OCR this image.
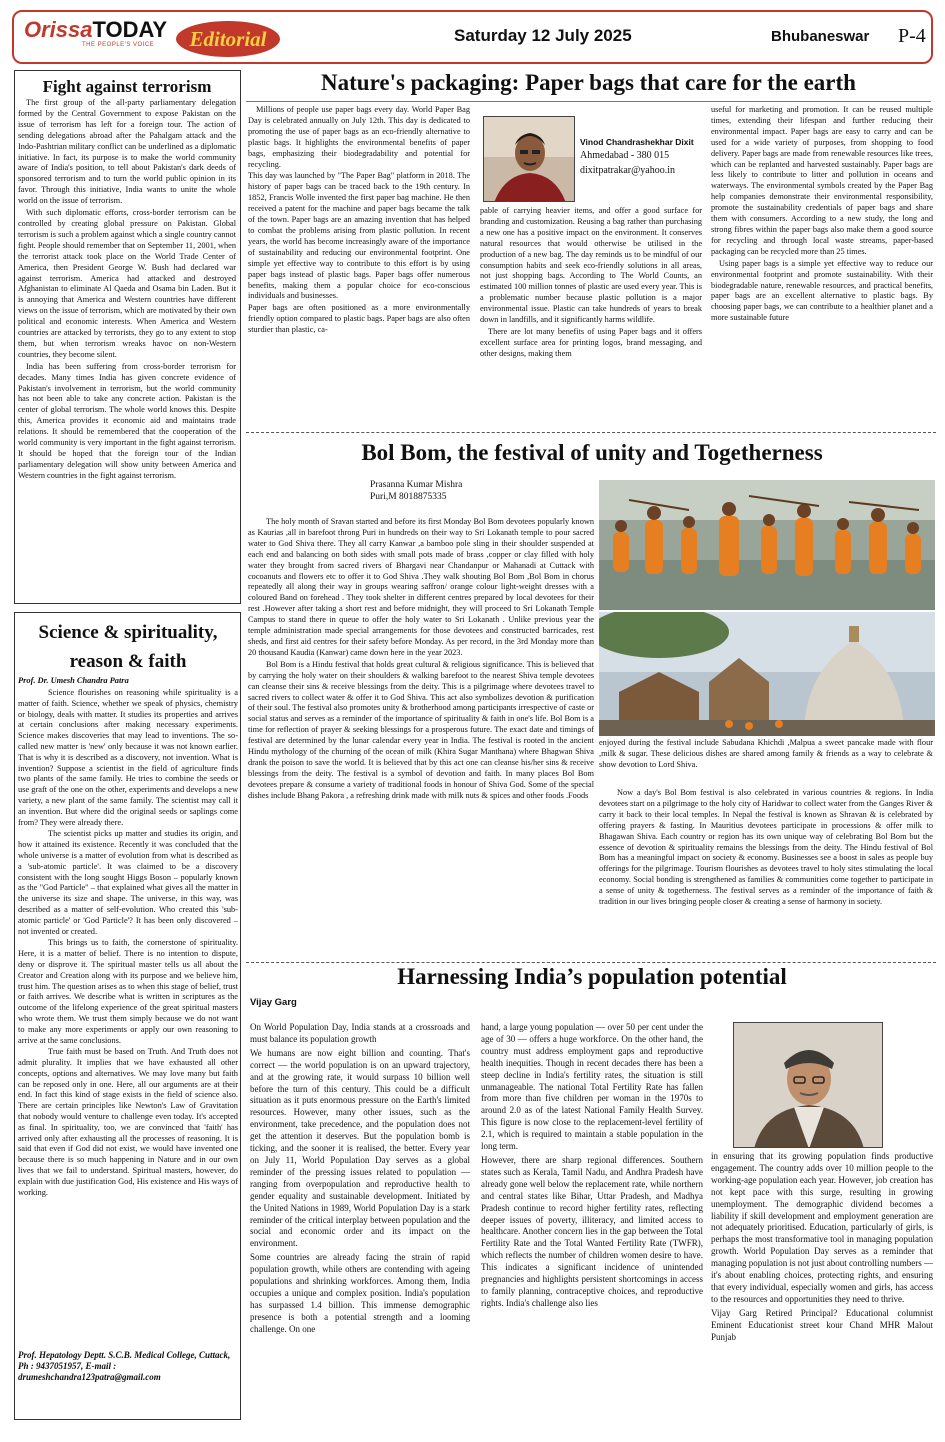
OrissaTODAY
THE PEOPLE'S VOICE	Editorial	Saturday 12 July 2025	Bhubaneswar P-4
Fight against terrorism

The first group of the all-party parliamentary delegation formed by the Central Government to expose Pakistan on the issue of terrorism has left for a foreign tour. The action of sending delegations abroad after the Pahalgam attack and the Indo-Pashtrian military conflict can be underlined as a diplomatic initiative. In fact, its purpose is to make the world community aware of India's position, to tell about Pakistan's dark deeds of sponsored terrorism and to turn the world public opinion in its favor. Through this initiative, India wants to unite the whole world on the issue of terrorism.

With such diplomatic efforts, cross-border terrorism can be controlled by creating global pressure on Pakistan. Global terrorism is such a problem against which a single country cannot fight. People should remember that on September 11, 2001, when the terrorist attack took place on the World Trade Center of America, then President George W. Bush had declared war against terrorism. America had attacked and destroyed Afghanistan to eliminate Al Qaeda and Osama bin Laden. But it is annoying that America and Western countries have different views on the issue of terrorism, which are motivated by their own political and economic interests. When America and Western countries are attacked by terrorists, they go to any extent to stop them, but when terrorism wreaks havoc on non-Western countries, they become silent.

India has been suffering from cross-border terrorism for decades. Many times India has given concrete evidence of Pakistan's involvement in terrorism, but the world community has not been able to take any concrete action. Pakistan is the center of global terrorism. The whole world knows this. Despite this, America provides it economic aid and maintains trade relations. It should be remembered that the cooperation of the world community is very important in the fight against terrorism. It should be hoped that the foreign tour of the Indian parliamentary delegation will show unity between America and Western countries in the fight against terrorism.

Science & spirituality, reason & faith
Prof. Dr. Umesh Chandra Patra

Science flourishes on reasoning while spirituality is a matter of faith. Science, whether we speak of physics, chemistry or biology, deals with matter. It studies its properties and arrives at certain conclusions after making necessary experiments. Science makes discoveries that may lead to inventions. The so-called new matter is 'new' only because it was not known earlier. That is why it is described as a discovery, not invention. What is invention? Suppose a scientist in the field of agriculture finds two plants of the same family. He tries to combine the seeds or use graft of the one on the other, experiments and develops a new variety, a new plant of the same family. The scientist may call it an invention. But where did the original seeds or saplings come from? They were already there.

The scientist picks up matter and studies its origin, and how it attained its existence. Recently it was concluded that the whole universe is a matter of evolution from what is described as a 'sub-atomic particle'. It was claimed to be a discovery consistent with the long sought Higgs Boson – popularly known as the "God Particle" – that explained what gives all the matter in the universe its size and shape. The universe, in this way, was described as a matter of self-evolution. Who created this 'sub-atomic particle' or 'God Particle'? It has been only discovered – not invented or created.

This brings us to faith, the cornerstone of spirituality. Here, it is a matter of belief. There is no intention to dispute, deny or disprove it. The spiritual master tells us all about the Creator and Creation along with its purpose and we believe him, trust him. The question arises as to when this stage of belief, trust or faith arrives. We describe what is written in scriptures as the outcome of the lifelong experience of the great spiritual masters who wrote them. We trust them simply because we do not want to make any more experiments or apply our own reasoning to arrive at the same conclusions.

True faith must be based on Truth. And Truth does not admit plurality. It implies that we have exhausted all other concepts, options and alternatives. We may love many but faith can be reposed only in one. Here, all our arguments are at their end. In fact this kind of stage exists in the field of science also. There are certain principles like Newton's Law of Gravitation that nobody would venture to challenge even today. It's accepted as final. In spirituality, too, we are convinced that 'faith' has arrived only after exhausting all the processes of reasoning. It is said that even if God did not exist, we would have invented one because there is so much happening in Nature and in our own lives that we fail to understand. Spiritual masters, however, do explain with due justification God, His existence and His ways of working.

Prof. Hepatology Deptt. S.C.B. Medical College, Cuttack, Ph : 9437051957, E-mail : drumeshchandra123patra@gmail.com
Nature's packaging: Paper bags that care for the earth

Millions of people use paper bags every day. World Paper Bag Day is celebrated annually on July 12th. This day is dedicated to promoting the use of paper bags as an eco-friendly alternative to plastic bags. It highlights the environmental benefits of paper bags, emphasizing their biodegradability and potential for recycling.

This day was launched by "The Paper Bag" platform in 2018. The history of paper bags can be traced back to the 19th century. In 1852, Francis Wolle invented the first paper bag machine. He then received a patent for the machine and paper bags became the talk of the town. Paper bags are an amazing invention that has helped to combat the problems arising from plastic pollution. In recent years, the world has become increasingly aware of the importance of sustainability and reducing our environmental footprint. One simple yet effective way to contribute to this effort is by using paper bags instead of plastic bags. Paper bags offer numerous benefits, making them a popular choice for eco-conscious individuals and businesses.

Paper bags are often positioned as a more environmentally friendly option compared to plastic bags. Paper bags are also often sturdier than plastic, ca-

Vinod Chandrashekhar Dixit
Ahmedabad - 380 015
dixitpatrakar@yahoo.in

pable of carrying heavier items, and offer a good surface for branding and customization. Reusing a bag rather than purchasing a new one has a positive impact on the environment. It conserves natural resources that would otherwise be utilised in the production of a new bag. The day reminds us to be mindful of our consumption habits and seek eco-friendly solutions in all areas, not just shopping bags. According to The World Counts, an estimated 100 million tonnes of plastic are used every year. This is a problematic number because plastic pollution is a major environmental issue. Plastic can take hundreds of years to break down in landfills, and it significantly harms wildlife.

There are lot many benefits of using Paper bags and it offers excellent surface area for printing logos, brand messaging, and other designs, making them

useful for marketing and promotion. It can be reused multiple times, extending their lifespan and further reducing their environmental impact. Paper bags are easy to carry and can be used for a wide variety of purposes, from shopping to food delivery. Paper bags are made from renewable resources like trees, which can be replanted and harvested sustainably. Paper bags are less likely to contribute to litter and pollution in oceans and waterways. The environmental symbols created by the Paper Bag help companies demonstrate their environmental responsibility, promote the sustainability credentials of paper bags and share them with consumers. According to a new study, the long and strong fibres within the paper bags also make them a good source for recycling and through local waste streams, paper-based packaging can be recycled more than 25 times.

Using paper bags is a simple yet effective way to reduce our environmental footprint and promote sustainability. With their biodegradable nature, renewable resources, and practical benefits, paper bags are an excellent alternative to plastic bags. By choosing paper bags, we can contribute to a healthier planet and a more sustainable future

Bol Bom, the festival of unity and Togetherness
Prasanna Kumar Mishra
Puri,M 8018875335

The holy month of Sravan started and before its first Monday Bol Bom devotees popularly known as Kaurias ,all in barefoot throng Puri in hundreds on their way to Sri Lokanath temple to pour sacred water to God Shiva there. They all carry Kanwar ,a bamboo pole sling in their shoulder suspended at each end and balancing on both sides with small pots made of brass ,copper or clay filled with holy water they brought from sacred rivers of Bhargavi near Chandanpur or Mahanadi at Cuttack with cocoanuts and flowers etc to offer it to God Shiva .They walk shouting Bol Bom ,Bol Bom in chorus repeatedly all along their way in groups wearing saffron/ orange colour light-weight dresses with a coloured Band on forehead . They took shelter in different centres prepared by local devotees for their rest .However after taking a short rest and before midnight, they will proceed to Sri Lokanath Temple Campus to stand there in queue to offer the holy water to Sri Lokanath . Unlike previous year the temple administration made special arrangements for those devotees and constructed barricades, rest sheds, and first aid centres for their safety before Monday. As per record, in the 3rd Monday more than 20 thousand Kaudia (Kanwar) came down here in the year 2023.

Bol Bom is a Hindu festival that holds great cultural & religious significance. This is believed that by carrying the holy water on their shoulders & walking barefoot to the nearest Shiva temple devotees can cleanse their sins & receive blessings from the deity. This is a pilgrimage where devotees travel to sacred rivers to collect water & offer it to God Shiva. This act also symbolizes devotion & purification of their soul. The festival also promotes unity & brotherhood among participants irrespective of caste or social status and serves as a reminder of the importance of spirituality & faith in one's life. Bol Bom is a time for reflection of prayer & seeking blessings for a prosperous future. The exact date and timings of festival are determined by the lunar calendar every year in India. The festival is rooted in the ancient Hindu mythology of the churning of the ocean of milk (Khira Sugar Manthana) where Bhagwan Shiva drank the poison to save the world. It is believed that by this act one can cleanse his/her sins & receive blessings from the deity. The festival is a symbol of devotion and faith. In many places Bol Bom devotees prepare & consume a variety of traditional foods in honour of Shiva God. Some of the special dishes include Bhang Pakora , a refreshing drink made with milk nuts & spices and other foods .Foods

enjoyed during the festival include Sabudana Khichdi ,Malpua a sweet pancake made with flour ,milk & sugar. These delicious dishes are shared among family & friends as a way to celebrate & show devotion to Lord Shiva.

Now a day's Bol Bom festival is also celebrated in various countries & regions. In India devotees start on a pilgrimage to the holy city of Haridwar to collect water from the Ganges River & carry it back to their local temples. In Nepal the festival is known as Shravan & is celebrated by offering prayers & fasting. In Mauritius devotees participate in processions & offer milk to Bhagawan Shiva. Each country or region has its own unique way of celebrating Bol Bom but the essence of devotion & spirituality remains the blessings from the deity. The Hindu festival of Bol Bom has a meaningful impact on society & economy. Businesses see a boost in sales as people buy offerings for the pilgrimage. Tourism flourishes as devotees travel to holy sites stimulating the local economy. Social bonding is strengthened as families & communities come together to participate in a sense of unity & togetherness. The festival serves as a reminder of the importance of faith & tradition in our lives bringing people closer & creating a sense of harmony in society.

Harnessing India’s population potential
Vijay Garg

On World Population Day, India stands at a crossroads and must balance its population growth

We humans are now eight billion and counting. That's correct — the world population is on an upward trajectory, and at the growing rate, it would surpass 10 billion well before the turn of this century. This could be a difficult situation as it puts enormous pressure on the Earth's limited resources. However, many other issues, such as the environment, take precedence, and the population does not get the attention it deserves. But the population bomb is ticking, and the sooner it is realised, the better. Every year on July 11, World Population Day serves as a global reminder of the pressing issues related to population — ranging from overpopulation and reproductive health to gender equality and sustainable development. Initiated by the United Nations in 1989, World Population Day is a stark reminder of the critical interplay between population and the social and economic order and its impact on the environment.

Some countries are already facing the strain of rapid population growth, while others are contending with ageing populations and shrinking workforces. Among them, India occupies a unique and complex position. India's population has surpassed 1.4 billion. This immense demographic presence is both a potential strength and a looming challenge. On one

hand, a large young population — over 50 per cent under the age of 30 — offers a huge workforce. On the other hand, the country must address employment gaps and reproductive health inequities. Though in recent decades there has been a steep decline in India's fertility rates, the situation is still unmanageable. The national Total Fertility Rate has fallen from more than five children per woman in the 1970s to around 2.0 as of the latest National Family Health Survey. This figure is now close to the replacement-level fertility of 2.1, which is required to maintain a stable population in the long term.

However, there are sharp regional differences. Southern states such as Kerala, Tamil Nadu, and Andhra Pradesh have already gone well below the replacement rate, while northern and central states like Bihar, Uttar Pradesh, and Madhya Pradesh continue to record higher fertility rates, reflecting deeper issues of poverty, illiteracy, and limited access to healthcare. Another concern lies in the gap between the Total Fertility Rate and the Total Wanted Fertility Rate (TWFR), which reflects the number of children women desire to have. This indicates a significant incidence of unintended pregnancies and highlights persistent shortcomings in access to family planning, contraceptive choices, and reproductive rights. India's challenge also lies

in ensuring that its growing population finds productive engagement. The country adds over 10 million people to the working-age population each year. However, job creation has not kept pace with this surge, resulting in growing unemployment. The demographic dividend becomes a liability if skill development and employment generation are not adequately prioritised. Education, particularly of girls, is perhaps the most transformative tool in managing population growth. World Population Day serves as a reminder that managing population is not just about controlling numbers — it's about enabling choices, protecting rights, and ensuring that every individual, especially women and girls, has access to the resources and opportunities they need to thrive.

Vijay Garg Retired Principal? Educational columnist Eminent Educationist street kour Chand MHR Malout Punjab
